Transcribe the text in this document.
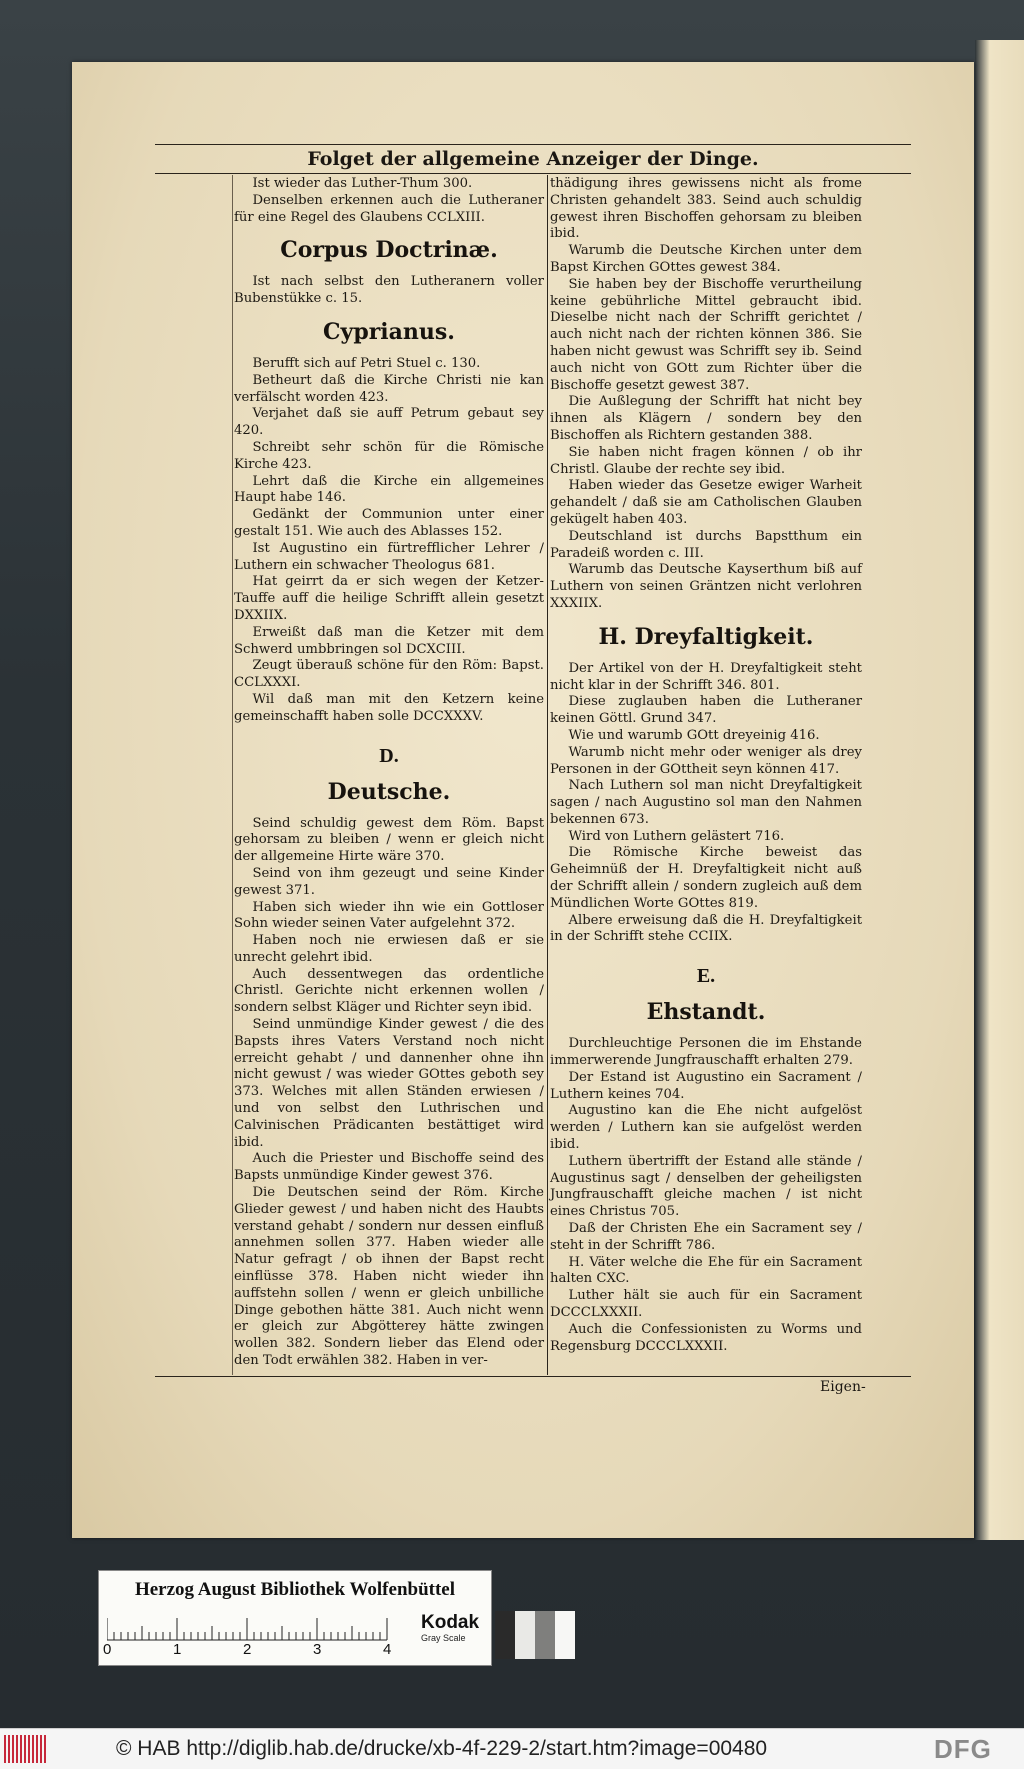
Folget der allgemeine Anzeiger der Dinge.

Ist wieder das Luther-Thum 300.

Denselben erkennen auch die Lutheraner für eine Regel des Glaubens CCLXIII.

Corpus Doctrinæ.

Ist nach selbst den Lutheranern voller Bubenstükke c. 15.

Cyprianus.

Berufft sich auf Petri Stuel c. 130.

Betheurt daß die Kirche Christi nie kan verfälscht worden 423.

Verjahet daß sie auff Petrum gebaut sey 420.

Schreibt sehr schön für die Römische Kirche 423.

Lehrt daß die Kirche ein allgemeines Haupt habe 146.

Gedänkt der Communion unter einer gestalt 151. Wie auch des Ablasses 152.

Ist Augustino ein fürtrefflicher Lehrer / Luthern ein schwacher Theologus 681.

Hat geirrt da er sich wegen der Ketzer-Tauffe auff die heilige Schrifft allein gesetzt DXXIIX.

Erweißt daß man die Ketzer mit dem Schwerd umbbringen sol DCXCIII.

Zeugt überauß schöne für den Röm: Bapst. CCLXXXI.

Wil daß man mit den Ketzern keine gemeinschafft haben solle DCCXXXV.

D.
Deutsche.

Seind schuldig gewest dem Röm. Bapst gehorsam zu bleiben / wenn er gleich nicht der allgemeine Hirte wäre 370.

Seind von ihm gezeugt und seine Kinder gewest 371.

Haben sich wieder ihn wie ein Gottloser Sohn wieder seinen Vater aufgelehnt 372.

Haben noch nie erwiesen daß er sie unrecht gelehrt ibid.

Auch dessentwegen das ordentliche Christl. Gerichte nicht erkennen wollen / sondern selbst Kläger und Richter seyn ibid.

Seind unmündige Kinder gewest / die des Bapsts ihres Vaters Verstand noch nicht erreicht gehabt / und dannenher ohne ihn nicht gewust / was wieder GOttes geboth sey 373. Welches mit allen Ständen erwiesen / und von selbst den Luthrischen und Calvinischen Prädicanten bestättiget wird ibid.

Auch die Priester und Bischoffe seind des Bapsts unmündige Kinder gewest 376.

Die Deutschen seind der Röm. Kirche Glieder gewest / und haben nicht des Haubts verstand gehabt / sondern nur dessen einfluß annehmen sollen 377. Haben wieder alle Natur gefragt / ob ihnen der Bapst recht einflüsse 378. Haben nicht wieder ihn auffstehn sollen / wenn er gleich unbilliche Dinge gebothen hätte 381. Auch nicht wenn er gleich zur Abgötterey hätte zwingen wollen 382. Sondern lieber das Elend oder den Todt erwählen 382. Haben in ver-

thädigung ihres gewissens nicht als frome Christen gehandelt 383. Seind auch schuldig gewest ihren Bischoffen gehorsam zu bleiben ibid.

Warumb die Deutsche Kirchen unter dem Bapst Kirchen GOttes gewest 384.

Sie haben bey der Bischoffe verurtheilung keine gebührliche Mittel gebraucht ibid. Dieselbe nicht nach der Schrifft gerichtet / auch nicht nach der richten können 386. Sie haben nicht gewust was Schrifft sey ib. Seind auch nicht von GOtt zum Richter über die Bischoffe gesetzt gewest 387.

Die Außlegung der Schrifft hat nicht bey ihnen als Klägern / sondern bey den Bischoffen als Richtern gestanden 388.

Sie haben nicht fragen können / ob ihr Christl. Glaube der rechte sey ibid.

Haben wieder das Gesetze ewiger Warheit gehandelt / daß sie am Catholischen Glauben gekügelt haben 403.

Deutschland ist durchs Bapstthum ein Paradeiß worden c. III.

Warumb das Deutsche Kayserthum biß auf Luthern von seinen Gräntzen nicht verlohren XXXIIX.

H. Dreyfaltigkeit.

Der Artikel von der H. Dreyfaltigkeit steht nicht klar in der Schrifft 346. 801.

Diese zuglauben haben die Lutheraner keinen Göttl. Grund 347.

Wie und warumb GOtt dreyeinig 416.

Warumb nicht mehr oder weniger als drey Personen in der GOttheit seyn können 417.

Nach Luthern sol man nicht Dreyfaltigkeit sagen / nach Augustino sol man den Nahmen bekennen 673.

Wird von Luthern gelästert 716.

Die Römische Kirche beweist das Geheimnüß der H. Dreyfaltigkeit nicht auß der Schrifft allein / sondern zugleich auß dem Mündlichen Worte GOttes 819.

Albere erweisung daß die H. Dreyfaltigkeit in der Schrifft stehe CCIIX.

E.
Ehstandt.

Durchleuchtige Personen die im Ehstande immerwerende Jungfrauschafft erhalten 279.

Der Estand ist Augustino ein Sacrament / Luthern keines 704.

Augustino kan die Ehe nicht aufgelöst werden / Luthern kan sie aufgelöst werden ibid.

Luthern übertrifft der Estand alle stände / Augustinus sagt / denselben der geheiligsten Jungfrauschafft gleiche machen / ist nicht eines Christus 705.

Daß der Christen Ehe ein Sacrament sey / steht in der Schrifft 786.

H. Väter welche die Ehe für ein Sacrament halten CXC.

Luther hält sie auch für ein Sacrament DCCCLXXXII.

Auch die Confessionisten zu Worms und Regensburg DCCCLXXXII.

Eigen-
Herzog August Bibliothek Wolfenbüttel
0	1	2	3	4
Kodak
Gray Scale
© HAB http://diglib.hab.de/drucke/xb-4f-229-2/start.htm?image=00480	DFG
